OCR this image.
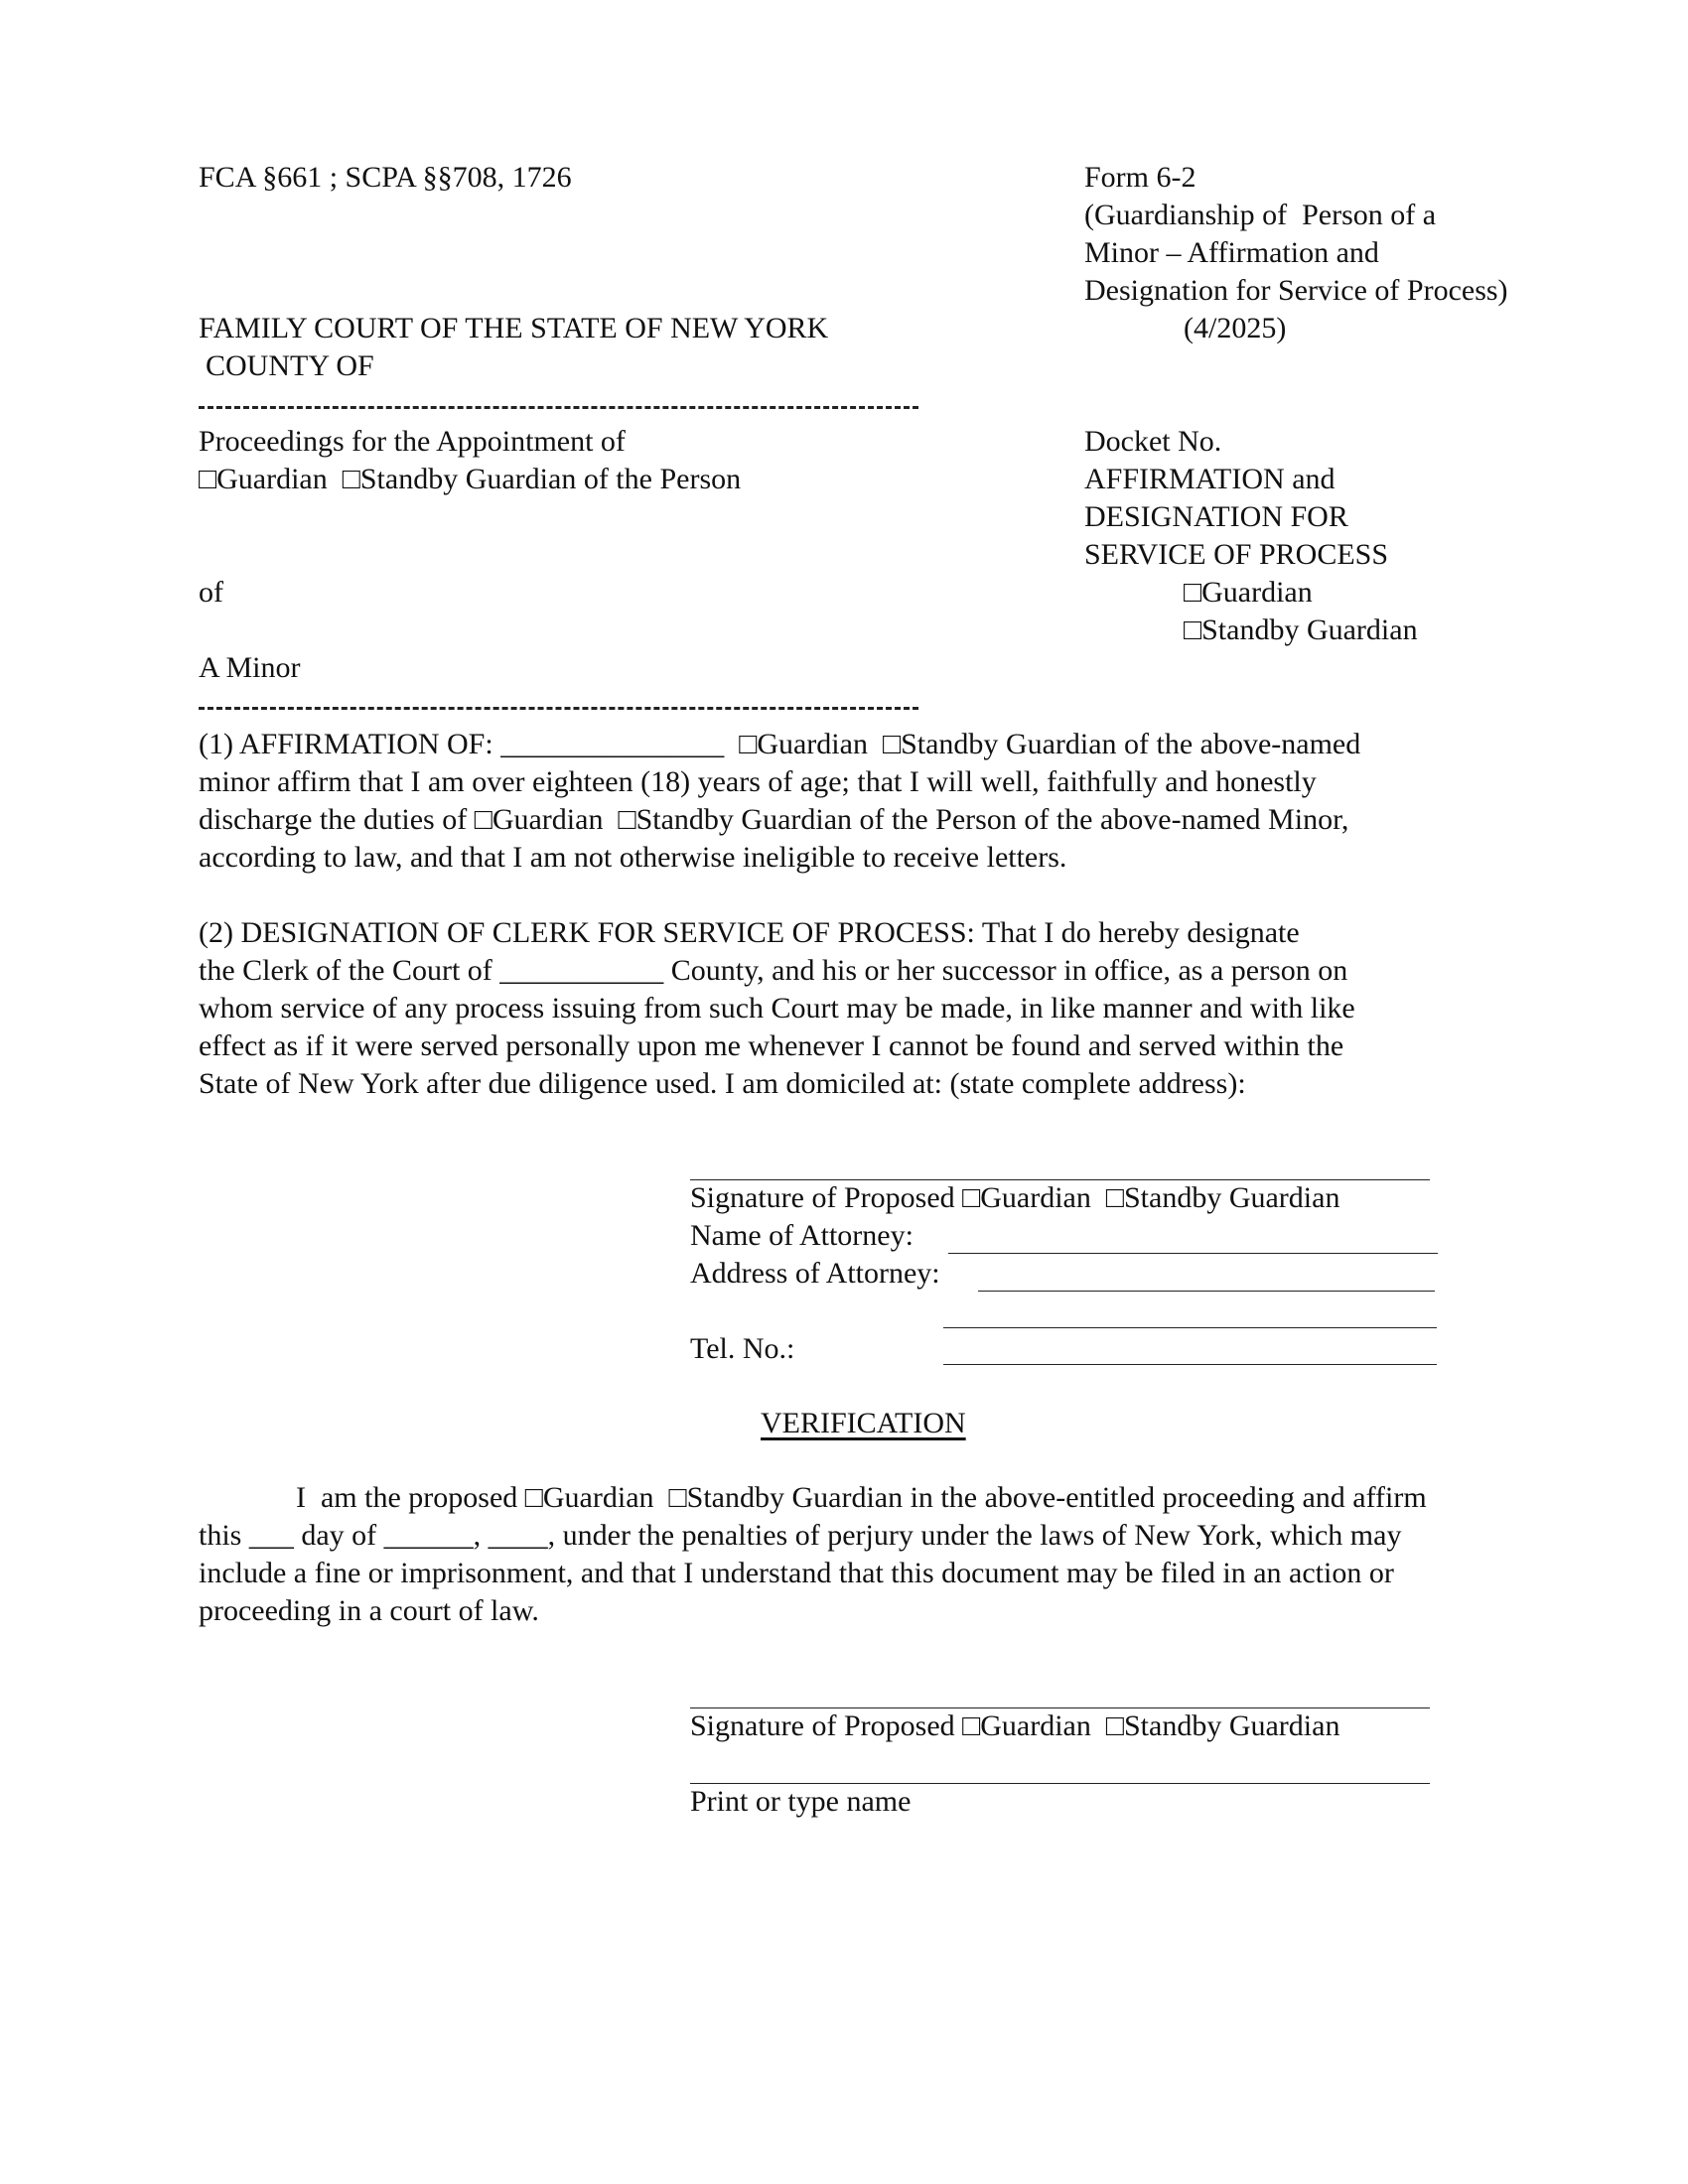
FCA §661 ; SCPA §§708, 1726
FAMILY COURT OF THE STATE OF NEW YORK
COUNTY OF
Form 6-2
(Guardianship of  Person of a
Minor – Affirmation and
Designation for Service of Process)
(4/2025)
Proceedings for the Appointment of
□Guardian  □Standby Guardian of the Person
of
A Minor
Docket No.
AFFIRMATION and
DESIGNATION FOR
SERVICE OF PROCESS
□Guardian
□Standby Guardian
(1) AFFIRMATION OF: _______________  □Guardian  □Standby Guardian of the above-named
minor affirm that I am over eighteen (18) years of age; that I will well, faithfully and honestly
discharge the duties of □Guardian  □Standby Guardian of the Person of the above-named Minor,
according to law, and that I am not otherwise ineligible to receive letters.
(2) DESIGNATION OF CLERK FOR SERVICE OF PROCESS: That I do hereby designate
the Clerk of the Court of ___________ County, and his or her successor in office, as a person on
whom service of any process issuing from such Court may be made, in like manner and with like
effect as if it were served personally upon me whenever I cannot be found and served within the
State of New York after due diligence used. I am domiciled at: (state complete address):
Signature of Proposed □Guardian  □Standby Guardian
Name of Attorney:
Address of Attorney:
Tel. No.:
VERIFICATION
I  am the proposed □Guardian  □Standby Guardian in the above-entitled proceeding and affirm
this ___ day of ______, ____, under the penalties of perjury under the laws of New York, which may
include a fine or imprisonment, and that I understand that this document may be filed in an action or
proceeding in a court of law.
Signature of Proposed □Guardian  □Standby Guardian
Print or type name
